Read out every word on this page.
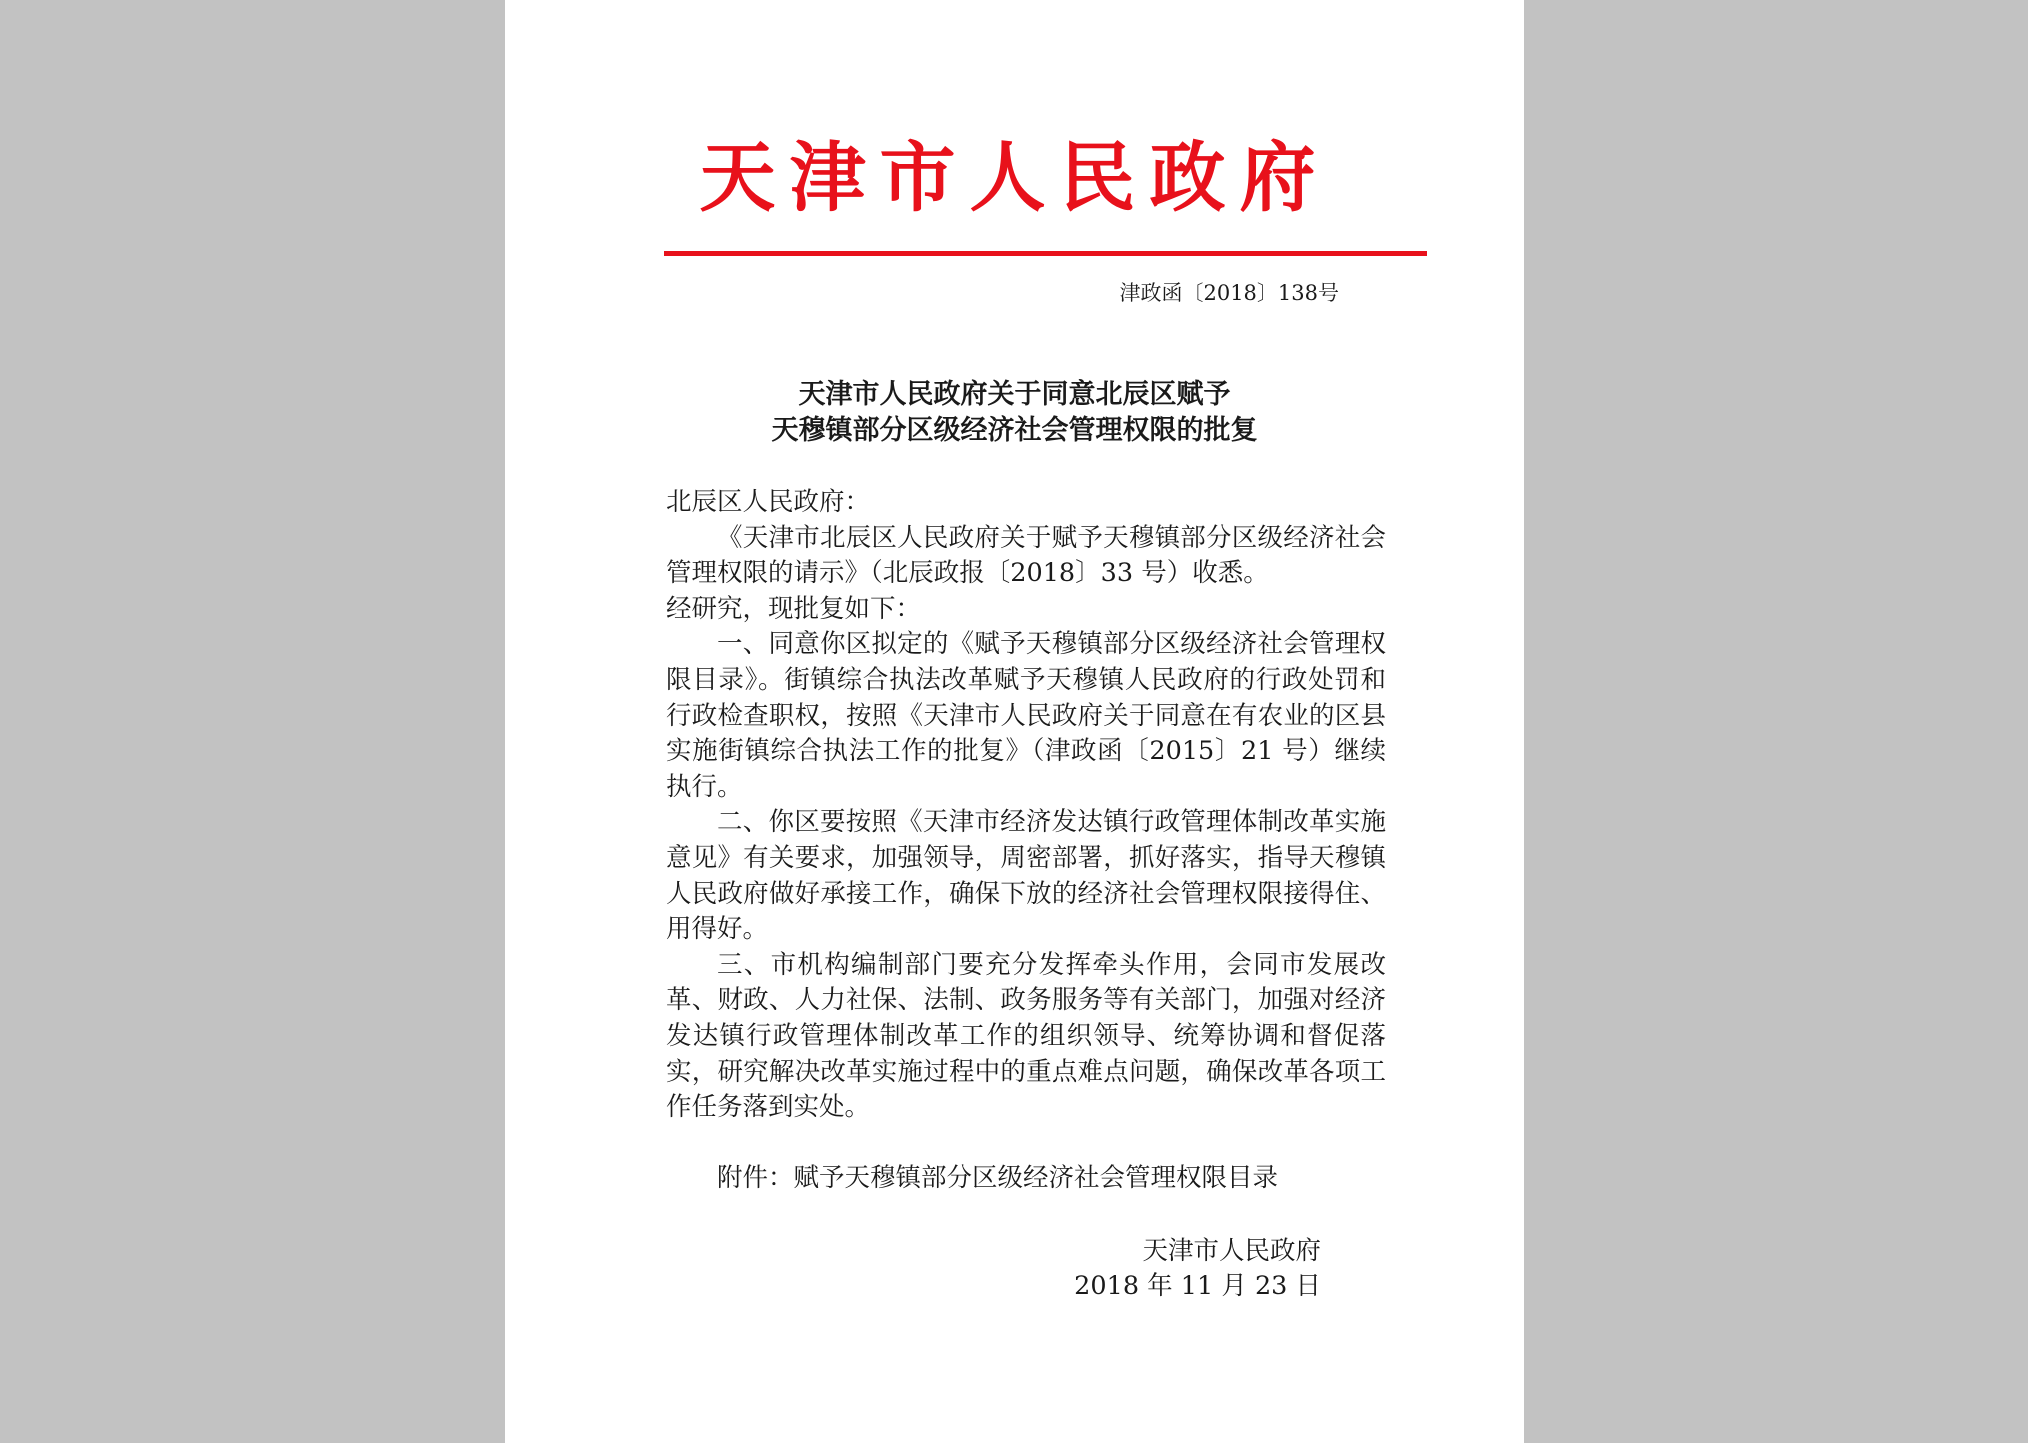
天津市人民政府
津政函〔2018〕138号
天津市人民政府关于同意北辰区赋予
天穆镇部分区级经济社会管理权限的批复

北辰区人民政府：

《天津市北辰区人民政府关于赋予天穆镇部分区级经济社会管理权限的请示》（北辰政报〔2018〕33 号）收悉。

经研究，现批复如下：

一、同意你区拟定的《赋予天穆镇部分区级经济社会管理权限目录》。街镇综合执法改革赋予天穆镇人民政府的行政处罚和行政检查职权，按照《天津市人民政府关于同意在有农业的区县实施街镇综合执法工作的批复》（津政函〔2015〕21 号）继续执行。

二、你区要按照《天津市经济发达镇行政管理体制改革实施意见》有关要求，加强领导，周密部署，抓好落实，指导天穆镇人民政府做好承接工作，确保下放的经济社会管理权限接得住、用得好。

三、市机构编制部门要充分发挥牵头作用，会同市发展改革、财政、人力社保、法制、政务服务等有关部门，加强对经济发达镇行政管理体制改革工作的组织领导、统筹协调和督促落实，研究解决改革实施过程中的重点难点问题，确保改革各项工作任务落到实处。

附件：赋予天穆镇部分区级经济社会管理权限目录
天津市人民政府
2018 年 11 月 23 日
